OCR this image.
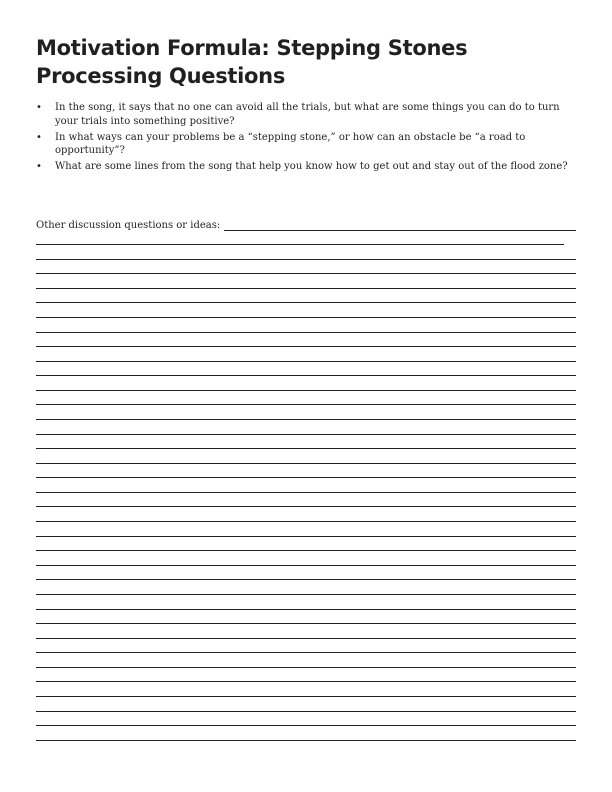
Motivation Formula: Stepping Stones
Processing Questions
•	In the song, it says that no one can avoid all the trials, but what are some things you can do to turn your trials into something positive?
•	In what ways can your problems be a “stepping stone,” or how can an obstacle be “a road to opportunity”?
•	What are some lines from the song that help you know how to get out and stay out of the flood zone?
Other discussion questions or ideas:
